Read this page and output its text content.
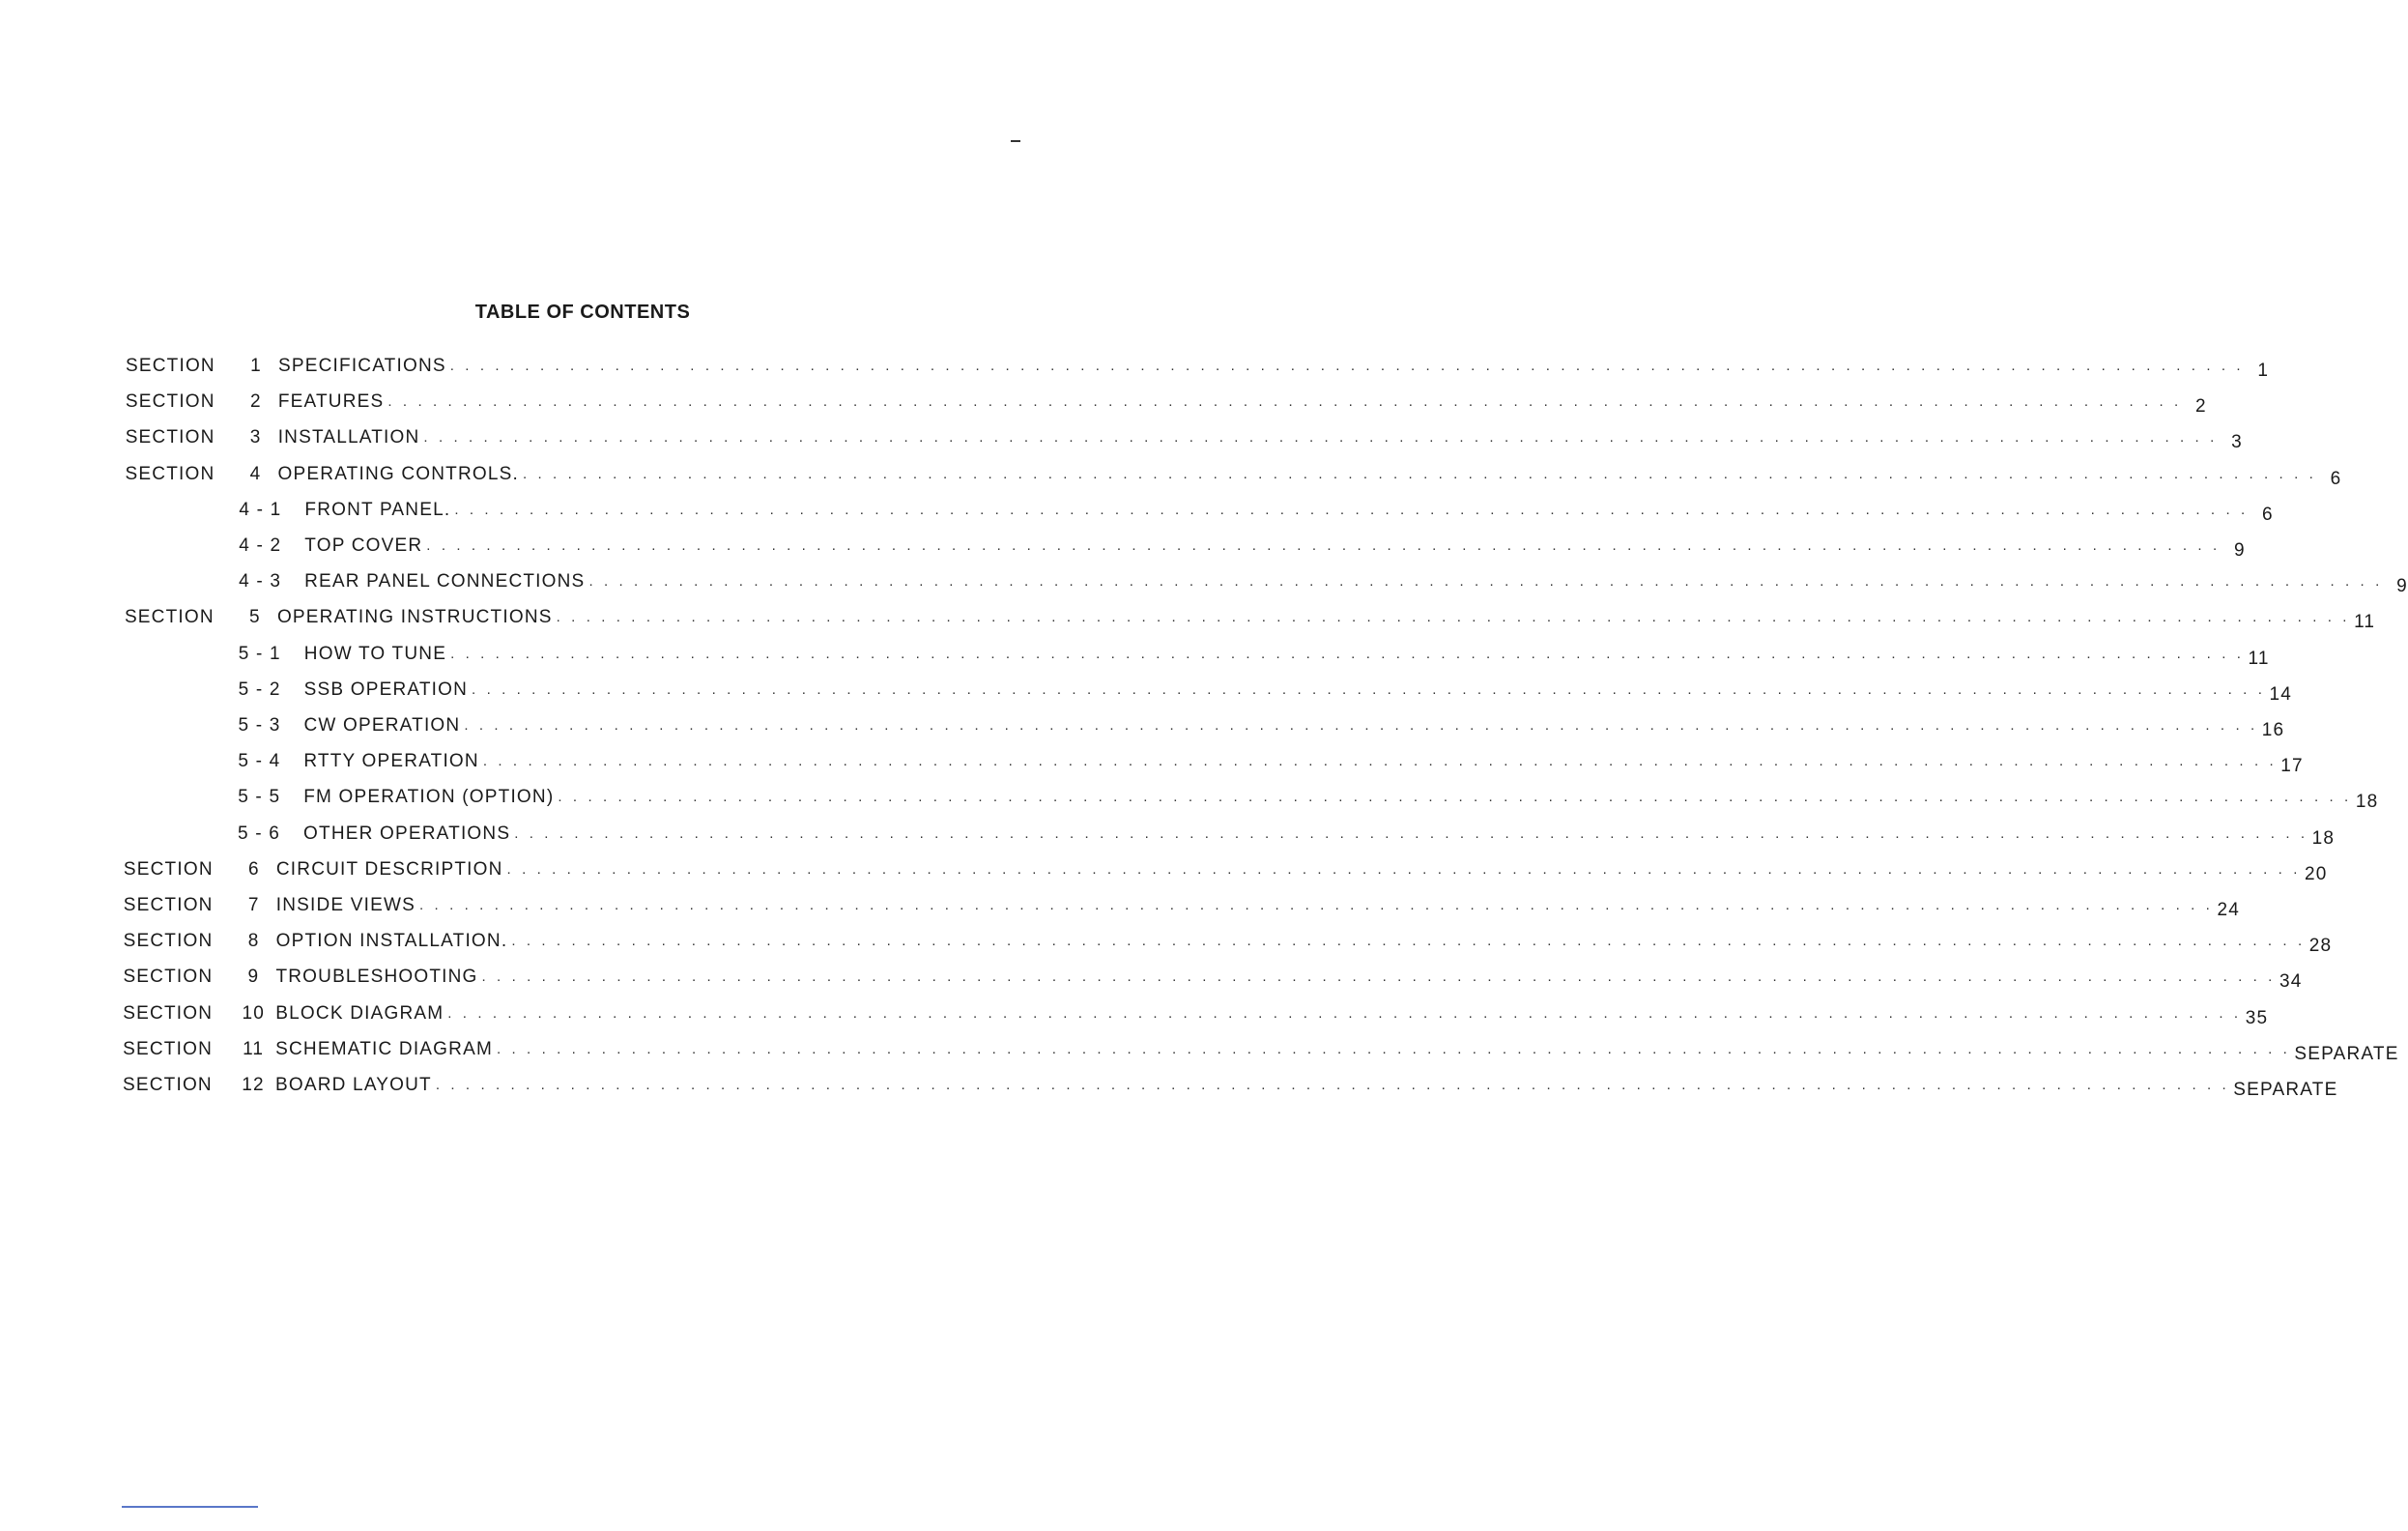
TABLE OF CONTENTS
SECTION	1 SPECIFICATIONS . . . . . . . . . . . . . . . . . . . . . . . . . . . . . . . . . . . . . . . . . . . . . . . . . . . . . . . . . . . . . . . . . . . . . . . . . . . . . . . . . . . . . . . . . . . . . . . . . . . . . . . . . . . . . . . . . . . . . . . . 1
SECTION	2 FEATURES . . . . . . . . . . . . . . . . . . . . . . . . . . . . . . . . . . . . . . . . . . . . . . . . . . . . . . . . . . . . . . . . . . . . . . . . . . . . . . . . . . . . . . . . . . . . . . . . . . . . . . . . . . . . . . . . . . . . . . . . 2
SECTION	3 INSTALLATION . . . . . . . . . . . . . . . . . . . . . . . . . . . . . . . . . . . . . . . . . . . . . . . . . . . . . . . . . . . . . . . . . . . . . . . . . . . . . . . . . . . . . . . . . . . . . . . . . . . . . . . . . . . . . . . . . . . . . . . . 3
SECTION	4 OPERATING CONTROLS. . . . . . . . . . . . . . . . . . . . . . . . . . . . . . . . . . . . . . . . . . . . . . . . . . . . . . . . . . . . . . . . . . . . . . . . . . . . . . . . . . . . . . . . . . . . . . . . . . . . . . . . . . . . . . . . . . . . . . . . . 6
4 - 1	FRONT PANEL. . . . . . . . . . . . . . . . . . . . . . . . . . . . . . . . . . . . . . . . . . . . . . . . . . . . . . . . . . . . . . . . . . . . . . . . . . . . . . . . . . . . . . . . . . . . . . . . . . . . . . . . . . . . . . . . . . . . . . . . . 6
4 - 2	TOP COVER . . . . . . . . . . . . . . . . . . . . . . . . . . . . . . . . . . . . . . . . . . . . . . . . . . . . . . . . . . . . . . . . . . . . . . . . . . . . . . . . . . . . . . . . . . . . . . . . . . . . . . . . . . . . . . . . . . . . . . . . 9
4 - 3	REAR PANEL CONNECTIONS . . . . . . . . . . . . . . . . . . . . . . . . . . . . . . . . . . . . . . . . . . . . . . . . . . . . . . . . . . . . . . . . . . . . . . . . . . . . . . . . . . . . . . . . . . . . . . . . . . . . . . . . . . . . . . . . . . . . . . . . 9
SECTION	5 OPERATING INSTRUCTIONS . . . . . . . . . . . . . . . . . . . . . . . . . . . . . . . . . . . . . . . . . . . . . . . . . . . . . . . . . . . . . . . . . . . . . . . . . . . . . . . . . . . . . . . . . . . . . . . . . . . . . . . . . . . . . . . . . . . . . . . . 11
5 - 1	HOW TO TUNE . . . . . . . . . . . . . . . . . . . . . . . . . . . . . . . . . . . . . . . . . . . . . . . . . . . . . . . . . . . . . . . . . . . . . . . . . . . . . . . . . . . . . . . . . . . . . . . . . . . . . . . . . . . . . . . . . . . . . . . . 11
5 - 2	SSB OPERATION . . . . . . . . . . . . . . . . . . . . . . . . . . . . . . . . . . . . . . . . . . . . . . . . . . . . . . . . . . . . . . . . . . . . . . . . . . . . . . . . . . . . . . . . . . . . . . . . . . . . . . . . . . . . . . . . . . . . . . . . 14
5 - 3	CW OPERATION . . . . . . . . . . . . . . . . . . . . . . . . . . . . . . . . . . . . . . . . . . . . . . . . . . . . . . . . . . . . . . . . . . . . . . . . . . . . . . . . . . . . . . . . . . . . . . . . . . . . . . . . . . . . . . . . . . . . . . . . 16
5 - 4	RTTY OPERATION . . . . . . . . . . . . . . . . . . . . . . . . . . . . . . . . . . . . . . . . . . . . . . . . . . . . . . . . . . . . . . . . . . . . . . . . . . . . . . . . . . . . . . . . . . . . . . . . . . . . . . . . . . . . . . . . . . . . . . . . 17
5 - 5	FM OPERATION (OPTION) . . . . . . . . . . . . . . . . . . . . . . . . . . . . . . . . . . . . . . . . . . . . . . . . . . . . . . . . . . . . . . . . . . . . . . . . . . . . . . . . . . . . . . . . . . . . . . . . . . . . . . . . . . . . . . . . . . . . . . . . 18
5 - 6	OTHER OPERATIONS . . . . . . . . . . . . . . . . . . . . . . . . . . . . . . . . . . . . . . . . . . . . . . . . . . . . . . . . . . . . . . . . . . . . . . . . . . . . . . . . . . . . . . . . . . . . . . . . . . . . . . . . . . . . . . . . . . . . . . . . 18
SECTION	6 CIRCUIT DESCRIPTION . . . . . . . . . . . . . . . . . . . . . . . . . . . . . . . . . . . . . . . . . . . . . . . . . . . . . . . . . . . . . . . . . . . . . . . . . . . . . . . . . . . . . . . . . . . . . . . . . . . . . . . . . . . . . . . . . . . . . . . . 20
SECTION	7 INSIDE VIEWS . . . . . . . . . . . . . . . . . . . . . . . . . . . . . . . . . . . . . . . . . . . . . . . . . . . . . . . . . . . . . . . . . . . . . . . . . . . . . . . . . . . . . . . . . . . . . . . . . . . . . . . . . . . . . . . . . . . . . . . . 24
SECTION	8 OPTION INSTALLATION. . . . . . . . . . . . . . . . . . . . . . . . . . . . . . . . . . . . . . . . . . . . . . . . . . . . . . . . . . . . . . . . . . . . . . . . . . . . . . . . . . . . . . . . . . . . . . . . . . . . . . . . . . . . . . . . . . . . . . . . . 28
SECTION	9 TROUBLESHOOTING . . . . . . . . . . . . . . . . . . . . . . . . . . . . . . . . . . . . . . . . . . . . . . . . . . . . . . . . . . . . . . . . . . . . . . . . . . . . . . . . . . . . . . . . . . . . . . . . . . . . . . . . . . . . . . . . . . . . . . . . 34
SECTION	10 BLOCK DIAGRAM . . . . . . . . . . . . . . . . . . . . . . . . . . . . . . . . . . . . . . . . . . . . . . . . . . . . . . . . . . . . . . . . . . . . . . . . . . . . . . . . . . . . . . . . . . . . . . . . . . . . . . . . . . . . . . . . . . . . . . . . 35
SECTION	11 SCHEMATIC DIAGRAM . . . . . . . . . . . . . . . . . . . . . . . . . . . . . . . . . . . . . . . . . . . . . . . . . . . . . . . . . . . . . . . . . . . . . . . . . . . . . . . . . . . . . . . . . . . . . . . . . . . . . . . . . . . . . . . . . . . . . . . . SEPARATE
SECTION	12 BOARD LAYOUT . . . . . . . . . . . . . . . . . . . . . . . . . . . . . . . . . . . . . . . . . . . . . . . . . . . . . . . . . . . . . . . . . . . . . . . . . . . . . . . . . . . . . . . . . . . . . . . . . . . . . . . . . . . . . . . . . . . . . . . . SEPARATE
